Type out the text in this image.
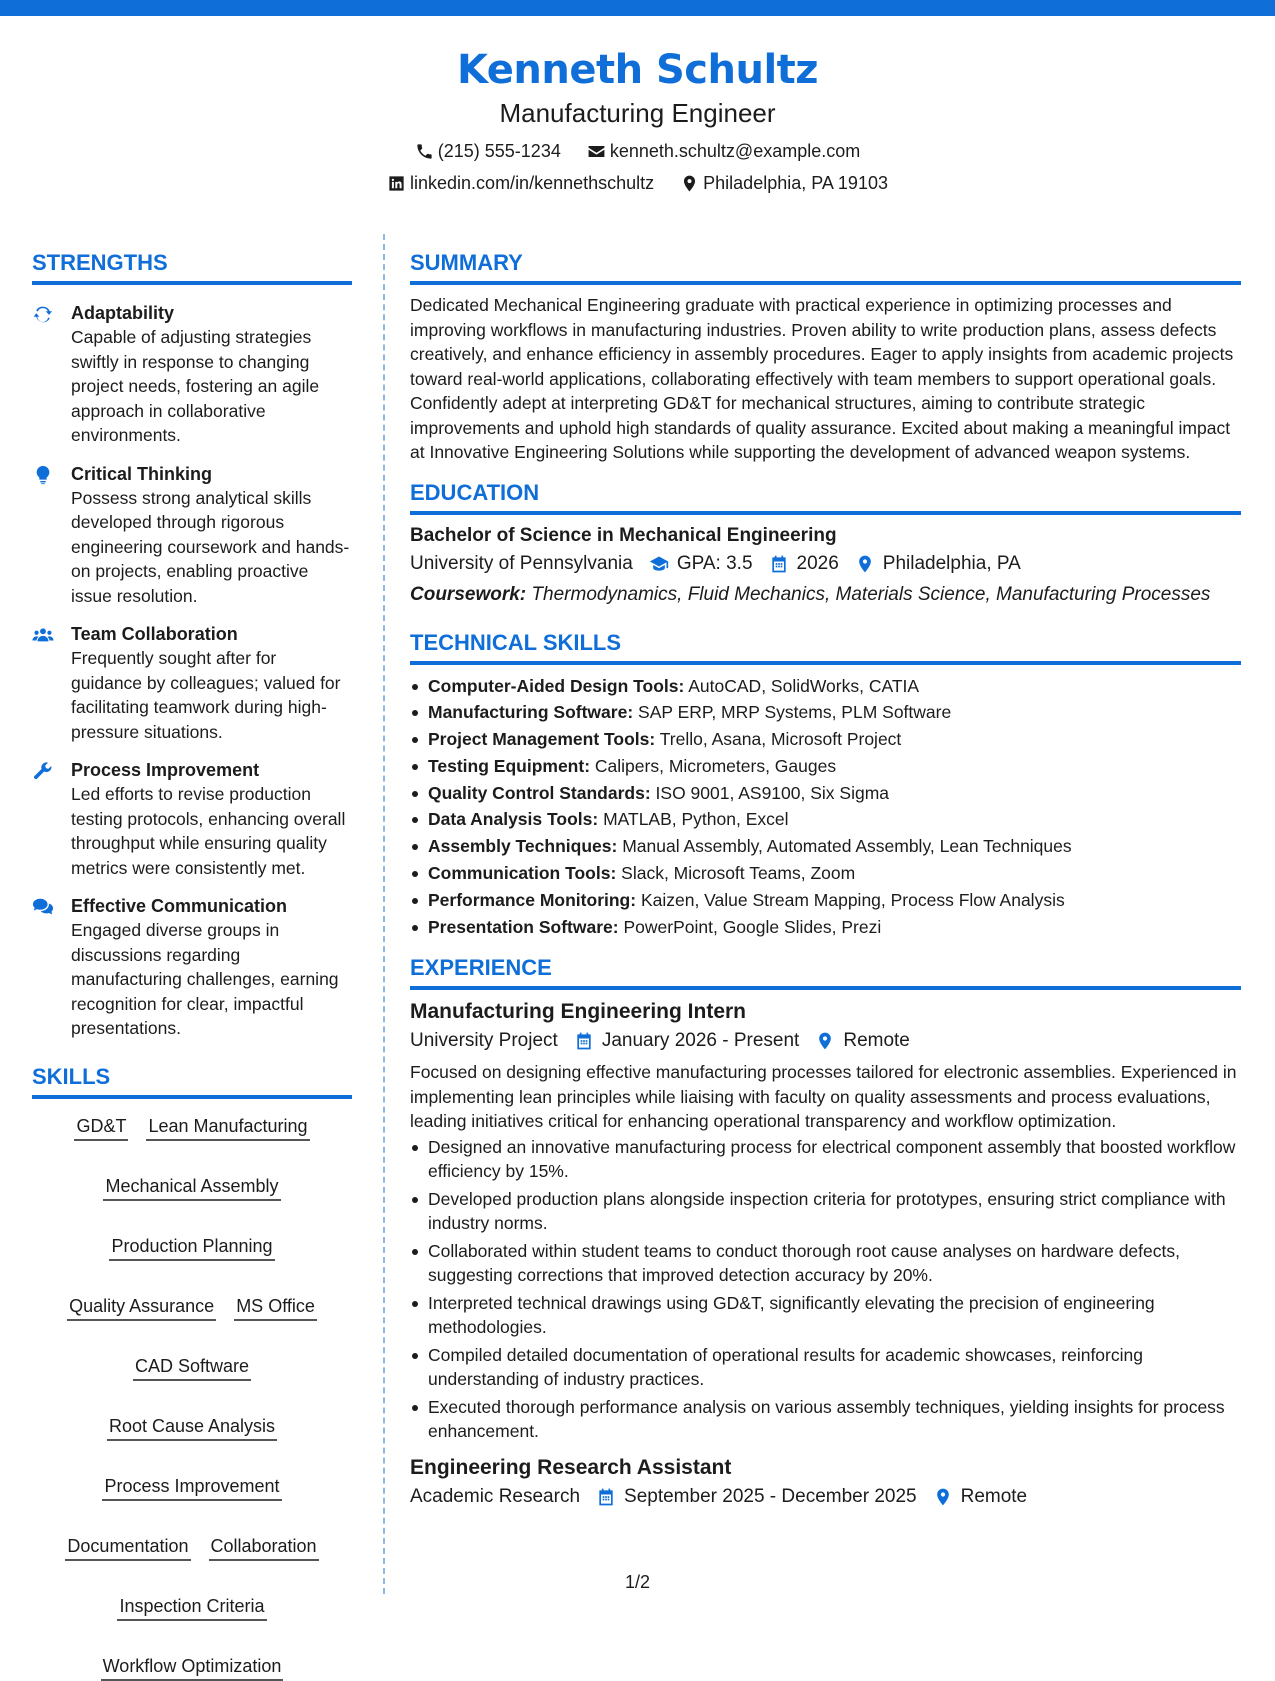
Kenneth Schultz
Manufacturing Engineer
(215) 555-1234	kenneth.schultz@example.com
linkedin.com/in/kennethschultz	Philadelphia, PA 19103
STRENGTHS
Adaptability
Capable of adjusting strategies swiftly in response to changing project needs, fostering an agile approach in collaborative environments.
Critical Thinking
Possess strong analytical skills developed through rigorous engineering coursework and hands-on projects, enabling proactive issue resolution.
Team Collaboration
Frequently sought after for guidance by colleagues; valued for facilitating teamwork during high-pressure situations.
Process Improvement
Led efforts to revise production testing protocols, enhancing overall throughput while ensuring quality metrics were consistently met.
Effective Communication
Engaged diverse groups in discussions regarding manufacturing challenges, earning recognition for clear, impactful presentations.
SKILLS
GD&T Lean Manufacturing
Mechanical Assembly
Production Planning
Quality Assurance MS Office
CAD Software
Root Cause Analysis
Process Improvement
Documentation Collaboration
Inspection Criteria
Workflow Optimization
SUMMARY
Dedicated Mechanical Engineering graduate with practical experience in optimizing processes and improving workflows in manufacturing industries. Proven ability to write production plans, assess defects creatively, and enhance efficiency in assembly procedures. Eager to apply insights from academic projects toward real-world applications, collaborating effectively with team members to support operational goals. Confidently adept at interpreting GD&T for mechanical structures, aiming to contribute strategic improvements and uphold high standards of quality assurance. Excited about making a meaningful impact at Innovative Engineering Solutions while supporting the development of advanced weapon systems.
EDUCATION
Bachelor of Science in Mechanical Engineering
University of Pennsylvania GPA: 3.5 2026 Philadelphia, PA
Coursework: Thermodynamics, Fluid Mechanics, Materials Science, Manufacturing Processes
TECHNICAL SKILLS
Computer-Aided Design Tools: AutoCAD, SolidWorks, CATIA
Manufacturing Software: SAP ERP, MRP Systems, PLM Software
Project Management Tools: Trello, Asana, Microsoft Project
Testing Equipment: Calipers, Micrometers, Gauges
Quality Control Standards: ISO 9001, AS9100, Six Sigma
Data Analysis Tools: MATLAB, Python, Excel
Assembly Techniques: Manual Assembly, Automated Assembly, Lean Techniques
Communication Tools: Slack, Microsoft Teams, Zoom
Performance Monitoring: Kaizen, Value Stream Mapping, Process Flow Analysis
Presentation Software: PowerPoint, Google Slides, Prezi
EXPERIENCE
Manufacturing Engineering Intern
University Project January 2026 - Present Remote
Focused on designing effective manufacturing processes tailored for electronic assemblies. Experienced in implementing lean principles while liaising with faculty on quality assessments and process evaluations, leading initiatives critical for enhancing operational transparency and workflow optimization.
Designed an innovative manufacturing process for electrical component assembly that boosted workflow efficiency by 15%.
Developed production plans alongside inspection criteria for prototypes, ensuring strict compliance with industry norms.
Collaborated within student teams to conduct thorough root cause analyses on hardware defects, suggesting corrections that improved detection accuracy by 20%.
Interpreted technical drawings using GD&T, significantly elevating the precision of engineering methodologies.
Compiled detailed documentation of operational results for academic showcases, reinforcing understanding of industry practices.
Executed thorough performance analysis on various assembly techniques, yielding insights for process enhancement.
Engineering Research Assistant
Academic Research September 2025 - December 2025 Remote
1/2
